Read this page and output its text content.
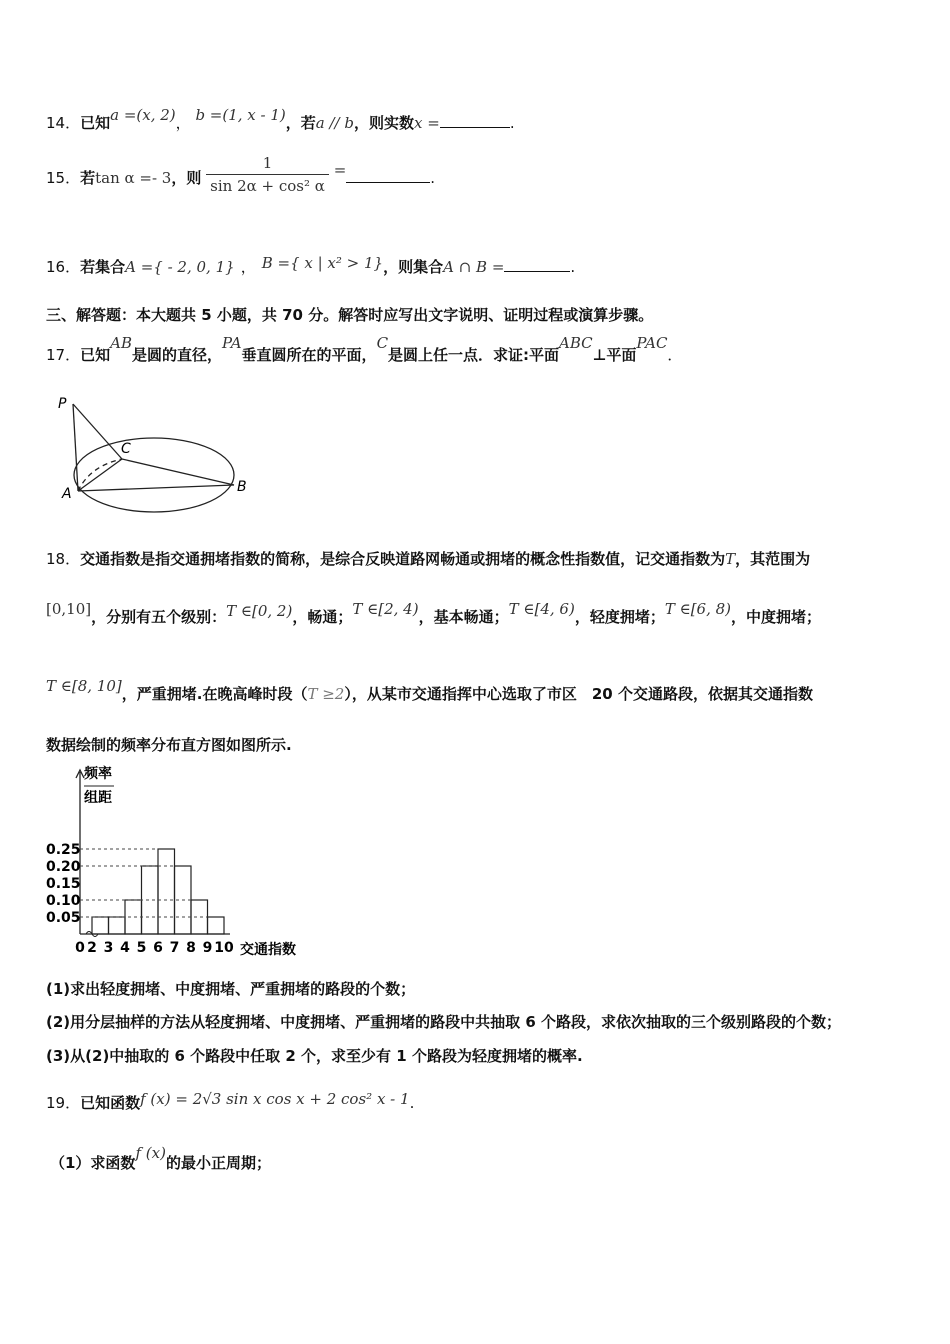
14．已知a =(x, 2)， b =(1, x - 1)，若a // b，则实数x =	.
15．若tan α =- 3，则 $\frac{1}{\text{sin 2α + cos² α}}$ =	.
16．若集合A ={ - 2, 0, 1} ， B ={ x | x² > 1}，则集合A ∩ B =	.
三、解答题：本大题共 5 小题，共 70 分。解答时应写出文字说明、证明过程或演算步骤。
17．已知AB是圆的直径，PA垂直圆所在的平面，C是圆上任一点．求证:平面ABC⊥平面PAC．
P
C
A	B
18．交通指数是指交通拥堵指数的简称，是综合反映道路网畅通或拥堵的概念性指数值，记交通指数为T，其范围为
[0,10]，分别有五个级别：T ∈[0, 2)，畅通；T ∈[2, 4)，基本畅通；T ∈[4, 6)，轻度拥堵；T ∈[6, 8)，中度拥堵；
T ∈[8, 10]，严重拥堵.在晚高峰时段（T ≥2），从某市交通指挥中心选取了市区　20 个交通路段，依据其交通指数
数据绘制的频率分布直方图如图所示.
频率
组距
0.25
0.20
0.15
0.10
0.05
0 2 3 4 5 6 7 8 9 10 交通指数
(1)求出轻度拥堵、中度拥堵、严重拥堵的路段的个数；
(2)用分层抽样的方法从轻度拥堵、中度拥堵、严重拥堵的路段中共抽取 6 个路段，求依次抽取的三个级别路段的个数；
(3)从(2)中抽取的 6 个路段中任取 2 个，求至少有 1 个路段为轻度拥堵的概率.
19．已知函数f (x) = 2√3 sin x cos x + 2 cos² x - 1.
（1）求函数f (x)的最小正周期；
